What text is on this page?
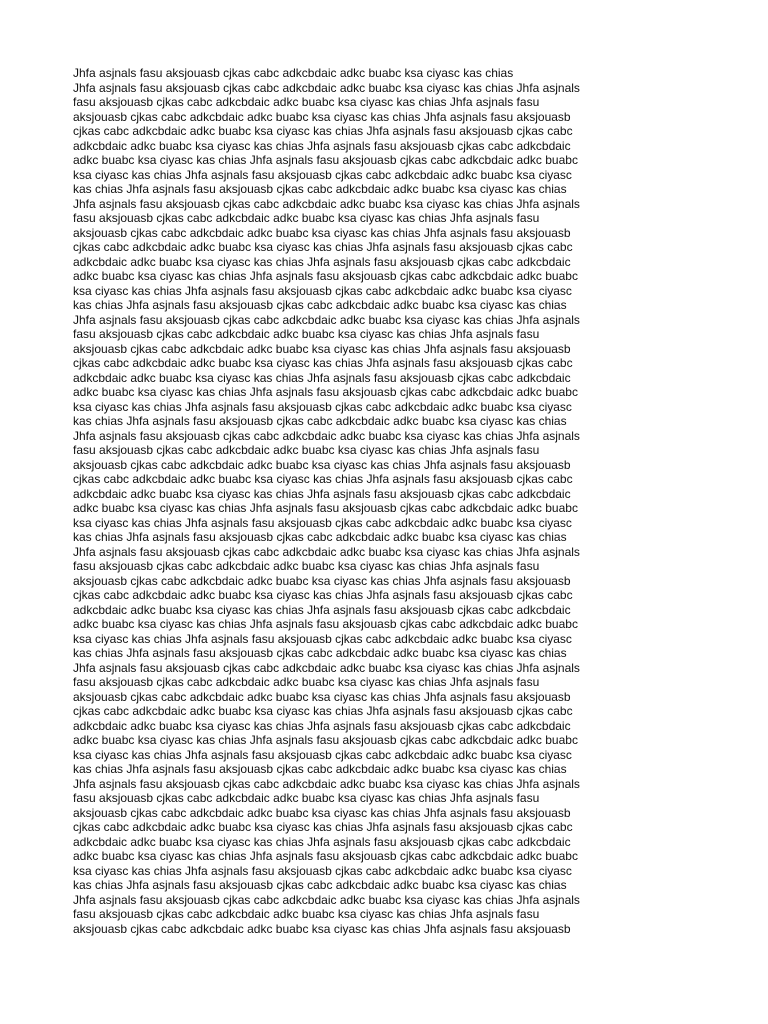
Jhfa asjnals fasu aksjouasb cjkas cabc adkcbdaic adkc buabc ksa ciyasc kas chias
Jhfa asjnals fasu aksjouasb cjkas cabc adkcbdaic adkc buabc ksa ciyasc kas chias Jhfa asjnals
fasu aksjouasb cjkas cabc adkcbdaic adkc buabc ksa ciyasc kas chias Jhfa asjnals fasu
aksjouasb cjkas cabc adkcbdaic adkc buabc ksa ciyasc kas chias Jhfa asjnals fasu aksjouasb
cjkas cabc adkcbdaic adkc buabc ksa ciyasc kas chias Jhfa asjnals fasu aksjouasb cjkas cabc
adkcbdaic adkc buabc ksa ciyasc kas chias Jhfa asjnals fasu aksjouasb cjkas cabc adkcbdaic
adkc buabc ksa ciyasc kas chias Jhfa asjnals fasu aksjouasb cjkas cabc adkcbdaic adkc buabc
ksa ciyasc kas chias Jhfa asjnals fasu aksjouasb cjkas cabc adkcbdaic adkc buabc ksa ciyasc
kas chias Jhfa asjnals fasu aksjouasb cjkas cabc adkcbdaic adkc buabc ksa ciyasc kas chias
Jhfa asjnals fasu aksjouasb cjkas cabc adkcbdaic adkc buabc ksa ciyasc kas chias Jhfa asjnals
fasu aksjouasb cjkas cabc adkcbdaic adkc buabc ksa ciyasc kas chias Jhfa asjnals fasu
aksjouasb cjkas cabc adkcbdaic adkc buabc ksa ciyasc kas chias Jhfa asjnals fasu aksjouasb
cjkas cabc adkcbdaic adkc buabc ksa ciyasc kas chias Jhfa asjnals fasu aksjouasb cjkas cabc
adkcbdaic adkc buabc ksa ciyasc kas chias Jhfa asjnals fasu aksjouasb cjkas cabc adkcbdaic
adkc buabc ksa ciyasc kas chias Jhfa asjnals fasu aksjouasb cjkas cabc adkcbdaic adkc buabc
ksa ciyasc kas chias Jhfa asjnals fasu aksjouasb cjkas cabc adkcbdaic adkc buabc ksa ciyasc
kas chias Jhfa asjnals fasu aksjouasb cjkas cabc adkcbdaic adkc buabc ksa ciyasc kas chias
Jhfa asjnals fasu aksjouasb cjkas cabc adkcbdaic adkc buabc ksa ciyasc kas chias Jhfa asjnals
fasu aksjouasb cjkas cabc adkcbdaic adkc buabc ksa ciyasc kas chias Jhfa asjnals fasu
aksjouasb cjkas cabc adkcbdaic adkc buabc ksa ciyasc kas chias Jhfa asjnals fasu aksjouasb
cjkas cabc adkcbdaic adkc buabc ksa ciyasc kas chias Jhfa asjnals fasu aksjouasb cjkas cabc
adkcbdaic adkc buabc ksa ciyasc kas chias Jhfa asjnals fasu aksjouasb cjkas cabc adkcbdaic
adkc buabc ksa ciyasc kas chias Jhfa asjnals fasu aksjouasb cjkas cabc adkcbdaic adkc buabc
ksa ciyasc kas chias Jhfa asjnals fasu aksjouasb cjkas cabc adkcbdaic adkc buabc ksa ciyasc
kas chias Jhfa asjnals fasu aksjouasb cjkas cabc adkcbdaic adkc buabc ksa ciyasc kas chias
Jhfa asjnals fasu aksjouasb cjkas cabc adkcbdaic adkc buabc ksa ciyasc kas chias Jhfa asjnals
fasu aksjouasb cjkas cabc adkcbdaic adkc buabc ksa ciyasc kas chias Jhfa asjnals fasu
aksjouasb cjkas cabc adkcbdaic adkc buabc ksa ciyasc kas chias Jhfa asjnals fasu aksjouasb
cjkas cabc adkcbdaic adkc buabc ksa ciyasc kas chias Jhfa asjnals fasu aksjouasb cjkas cabc
adkcbdaic adkc buabc ksa ciyasc kas chias Jhfa asjnals fasu aksjouasb cjkas cabc adkcbdaic
adkc buabc ksa ciyasc kas chias Jhfa asjnals fasu aksjouasb cjkas cabc adkcbdaic adkc buabc
ksa ciyasc kas chias Jhfa asjnals fasu aksjouasb cjkas cabc adkcbdaic adkc buabc ksa ciyasc
kas chias Jhfa asjnals fasu aksjouasb cjkas cabc adkcbdaic adkc buabc ksa ciyasc kas chias
Jhfa asjnals fasu aksjouasb cjkas cabc adkcbdaic adkc buabc ksa ciyasc kas chias Jhfa asjnals
fasu aksjouasb cjkas cabc adkcbdaic adkc buabc ksa ciyasc kas chias Jhfa asjnals fasu
aksjouasb cjkas cabc adkcbdaic adkc buabc ksa ciyasc kas chias Jhfa asjnals fasu aksjouasb
cjkas cabc adkcbdaic adkc buabc ksa ciyasc kas chias Jhfa asjnals fasu aksjouasb cjkas cabc
adkcbdaic adkc buabc ksa ciyasc kas chias Jhfa asjnals fasu aksjouasb cjkas cabc adkcbdaic
adkc buabc ksa ciyasc kas chias Jhfa asjnals fasu aksjouasb cjkas cabc adkcbdaic adkc buabc
ksa ciyasc kas chias Jhfa asjnals fasu aksjouasb cjkas cabc adkcbdaic adkc buabc ksa ciyasc
kas chias Jhfa asjnals fasu aksjouasb cjkas cabc adkcbdaic adkc buabc ksa ciyasc kas chias
Jhfa asjnals fasu aksjouasb cjkas cabc adkcbdaic adkc buabc ksa ciyasc kas chias Jhfa asjnals
fasu aksjouasb cjkas cabc adkcbdaic adkc buabc ksa ciyasc kas chias Jhfa asjnals fasu
aksjouasb cjkas cabc adkcbdaic adkc buabc ksa ciyasc kas chias Jhfa asjnals fasu aksjouasb
cjkas cabc adkcbdaic adkc buabc ksa ciyasc kas chias Jhfa asjnals fasu aksjouasb cjkas cabc
adkcbdaic adkc buabc ksa ciyasc kas chias Jhfa asjnals fasu aksjouasb cjkas cabc adkcbdaic
adkc buabc ksa ciyasc kas chias Jhfa asjnals fasu aksjouasb cjkas cabc adkcbdaic adkc buabc
ksa ciyasc kas chias Jhfa asjnals fasu aksjouasb cjkas cabc adkcbdaic adkc buabc ksa ciyasc
kas chias Jhfa asjnals fasu aksjouasb cjkas cabc adkcbdaic adkc buabc ksa ciyasc kas chias
Jhfa asjnals fasu aksjouasb cjkas cabc adkcbdaic adkc buabc ksa ciyasc kas chias Jhfa asjnals
fasu aksjouasb cjkas cabc adkcbdaic adkc buabc ksa ciyasc kas chias Jhfa asjnals fasu
aksjouasb cjkas cabc adkcbdaic adkc buabc ksa ciyasc kas chias Jhfa asjnals fasu aksjouasb
cjkas cabc adkcbdaic adkc buabc ksa ciyasc kas chias Jhfa asjnals fasu aksjouasb cjkas cabc
adkcbdaic adkc buabc ksa ciyasc kas chias Jhfa asjnals fasu aksjouasb cjkas cabc adkcbdaic
adkc buabc ksa ciyasc kas chias Jhfa asjnals fasu aksjouasb cjkas cabc adkcbdaic adkc buabc
ksa ciyasc kas chias Jhfa asjnals fasu aksjouasb cjkas cabc adkcbdaic adkc buabc ksa ciyasc
kas chias Jhfa asjnals fasu aksjouasb cjkas cabc adkcbdaic adkc buabc ksa ciyasc kas chias
Jhfa asjnals fasu aksjouasb cjkas cabc adkcbdaic adkc buabc ksa ciyasc kas chias Jhfa asjnals
fasu aksjouasb cjkas cabc adkcbdaic adkc buabc ksa ciyasc kas chias Jhfa asjnals fasu
aksjouasb cjkas cabc adkcbdaic adkc buabc ksa ciyasc kas chias Jhfa asjnals fasu aksjouasb
